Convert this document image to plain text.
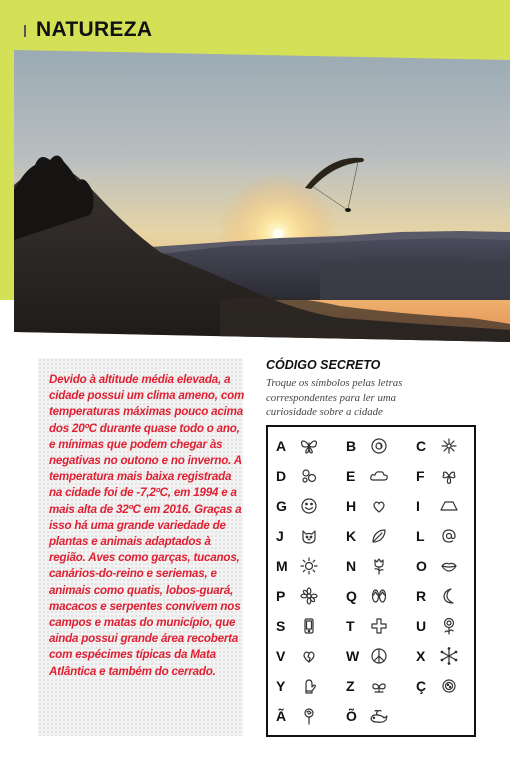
NATUREZA

Devido à altitude média elevada, a cidade possui um clima ameno, com temperaturas máximas pouco acima dos 20ºC durante quase todo o ano, e mínimas que podem chegar às negativas no outono e no inverno. A temperatura mais baixa registrada na cidade foi de -7,2ºC, em 1994 e a mais alta de 32ºC em 2016. Graças a isso há uma grande variedade de plantas e animais adaptados à região. Aves como garças, tucanos, canários-do-reino e seriemas, e animais como quatis, lobos-guará, macacos e serpentes convivem nos campos e matas do município, que ainda possui grande área recoberta com espécimes típicas da Mata Atlântica e também do cerrado.

CÓDIGO SECRETO
Troque os símbolos pelas letras correspondentes para ler uma curiosidade sobre a cidade
A	B	C
D	E	F
G	H	I
J	K	L
M	N	O
P	Q	R
S	T	U
V	W	X
Y	Z	Ç
Ã	Õ
